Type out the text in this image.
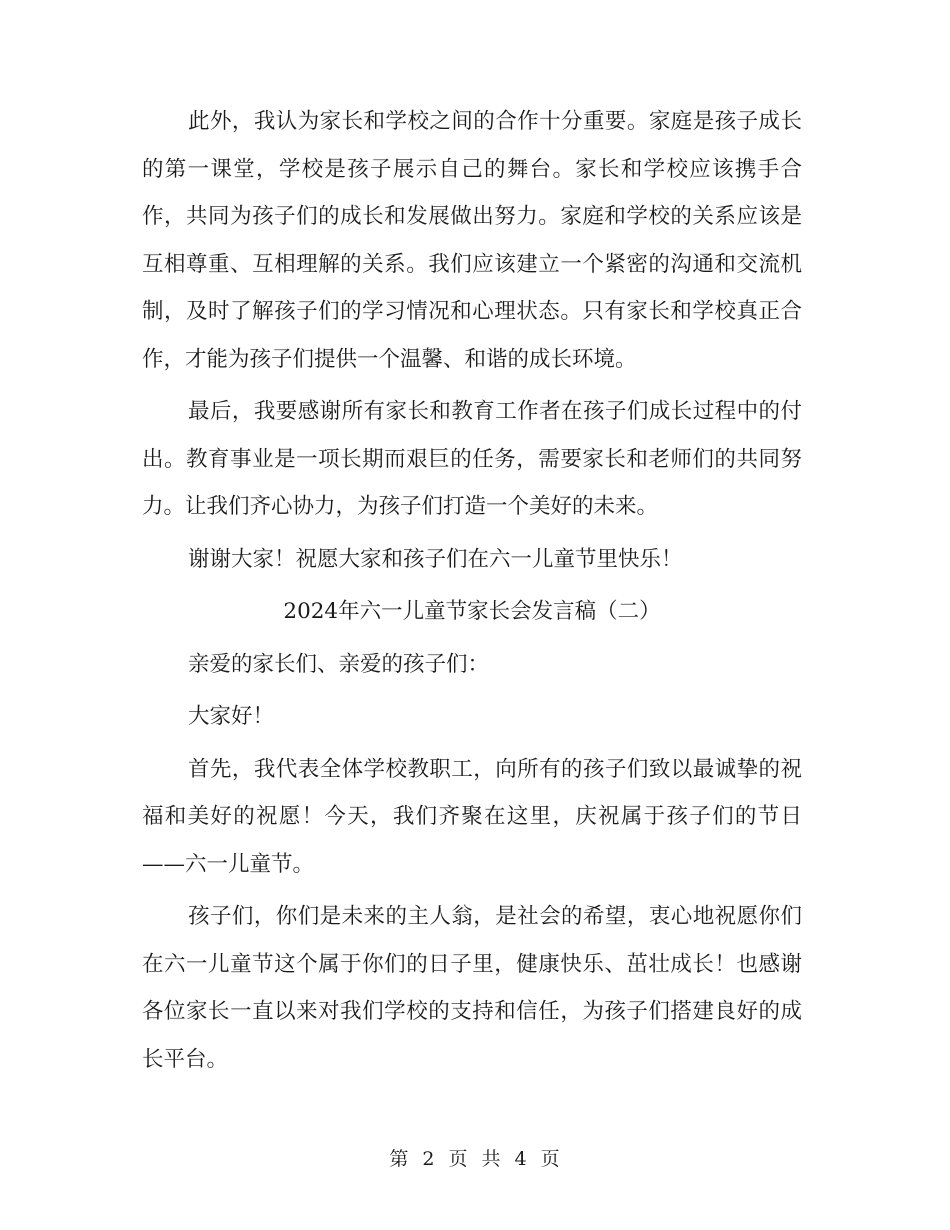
此外，我认为家长和学校之间的合作十分重要。家庭是孩子成长的第一课堂，学校是孩子展示自己的舞台。家长和学校应该携手合作，共同为孩子们的成长和发展做出努力。家庭和学校的关系应该是互相尊重、互相理解的关系。我们应该建立一个紧密的沟通和交流机制，及时了解孩子们的学习情况和心理状态。只有家长和学校真正合作，才能为孩子们提供一个温馨、和谐的成长环境。

最后，我要感谢所有家长和教育工作者在孩子们成长过程中的付出。教育事业是一项长期而艰巨的任务，需要家长和老师们的共同努力。让我们齐心协力，为孩子们打造一个美好的未来。

谢谢大家！祝愿大家和孩子们在六一儿童节里快乐！

2024年六一儿童节家长会发言稿（二）

亲爱的家长们、亲爱的孩子们：

大家好！

首先，我代表全体学校教职工，向所有的孩子们致以最诚挚的祝福和美好的祝愿！今天，我们齐聚在这里，庆祝属于孩子们的节日——六一儿童节。

孩子们，你们是未来的主人翁，是社会的希望，衷心地祝愿你们在六一儿童节这个属于你们的日子里，健康快乐、茁壮成长！也感谢各位家长一直以来对我们学校的支持和信任，为孩子们搭建良好的成长平台。

第 2 页 共 4 页
